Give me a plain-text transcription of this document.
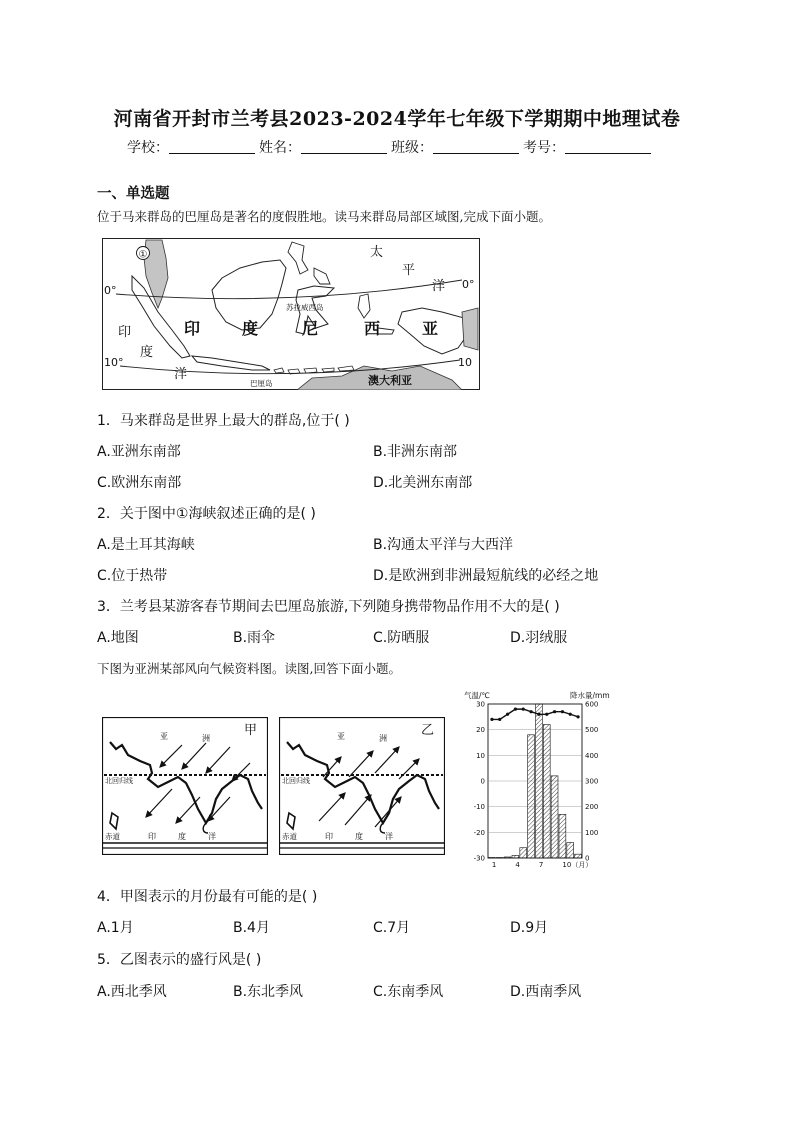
河南省开封市兰考县2023-2024学年七年级下学期期中地理试卷
学校：	姓名：	班级：	考号：
一、单选题
位于马来群岛的巴厘岛是著名的度假胜地。读马来群岛局部区域图,完成下面小题。
①
0°	0°
10°	10
太
平
洋
印
度
洋
印	度	尼	西	亚
苏拉威西岛
巴厘岛	澳大利亚
1．马来群岛是世界上最大的群岛,位于( )
A.亚洲东南部	B.非洲东南部
C.欧洲东南部	D.北美洲东南部
2．关于图中①海峡叙述正确的是( )
A.是土耳其海峡	B.沟通太平洋与大西洋
C.位于热带	D.是欧洲到非洲最短航线的必经之地
3．兰考县某游客春节期间去巴厘岛旅游,下列随身携带物品作用不大的是( )
A.地图	B.雨伞	C.防晒服	D.羽绒服
下图为亚洲某部风向气候资料图。读图,回答下面小题。
亚	洲
甲
北回归线
赤道	印	度	洋
亚	洲
乙
北回归线
赤道	印	度	洋
气温/℃	降水量/mm
30
20
10
0
-10
-20
-30
600
500
400
300
200
100
0
1	4	7	10（月）
4．甲图表示的月份最有可能的是( )
A.1月	B.4月	C.7月	D.9月
5．乙图表示的盛行风是( )
A.西北季风	B.东北季风	C.东南季风	D.西南季风
